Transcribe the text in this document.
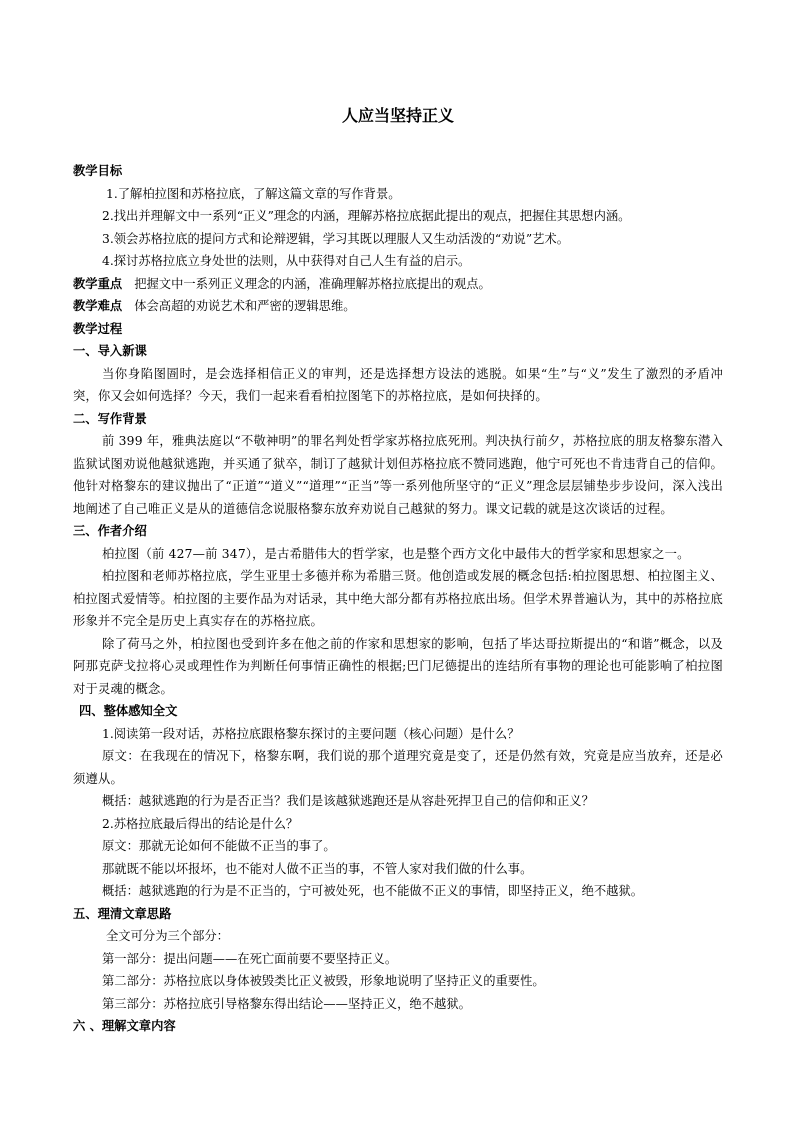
人应当坚持正义
教学目标
1.了解柏拉图和苏格拉底，了解这篇文章的写作背景。
2.找出并理解文中一系列“正义”理念的内涵，理解苏格拉底据此提出的观点，把握住其思想内涵。
3.领会苏格拉底的提问方式和论辩逻辑，学习其既以理服人又生动活泼的“劝说”艺术。
4.探讨苏格拉底立身处世的法则，从中获得对自己人生有益的启示。
教学重点 把握文中一系列正义理念的内涵，准确理解苏格拉底提出的观点。
教学难点 体会高超的劝说艺术和严密的逻辑思维。
教学过程
一、导入新课
当你身陷图圄时，是会选择相信正义的审判，还是选择想方设法的逃脱。如果“生”与“义”发生了激烈的矛盾冲突，你又会如何选择？今天，我们一起来看看柏拉图笔下的苏格拉底，是如何抉择的。
二、写作背景
前 399 年，雅典法庭以“不敬神明”的罪名判处哲学家苏格拉底死刑。判决执行前夕，苏格拉底的朋友格黎东潜入监狱试图劝说他越狱逃跑，并买通了狱卒，制订了越狱计划但苏格拉底不赞同逃跑，他宁可死也不肯违背自己的信仰。他针对格黎东的建议抛出了“正道”“道义”“道理”“正当”等一系列他所坚守的“正义”理念层层铺垫步步设问，深入浅出地阐述了自己唯正义是从的道德信念说服格黎东放弃劝说自己越狱的努力。课文记载的就是这次谈话的过程。
三、作者介绍
柏拉图（前 427—前 347），是古希腊伟大的哲学家，也是整个西方文化中最伟大的哲学家和思想家之一。
柏拉图和老师苏格拉底，学生亚里士多德并称为希腊三贤。他创造或发展的概念包括:柏拉图思想、柏拉图主义、柏拉图式爱情等。柏拉图的主要作品为对话录，其中绝大部分都有苏格拉底出场。但学术界普遍认为，其中的苏格拉底形象并不完全是历史上真实存在的苏格拉底。
除了荷马之外，柏拉图也受到许多在他之前的作家和思想家的影响，包括了毕达哥拉斯提出的“和谐”概念，以及阿那克萨戈拉将心灵或理性作为判断任何事情正确性的根据;巴门尼德提出的连结所有事物的理论也可能影响了柏拉图对于灵魂的概念。
四、整体感知全文
1.阅读第一段对话，苏格拉底跟格黎东探讨的主要问题（核心问题）是什么？
原文：在我现在的情况下，格黎东啊，我们说的那个道理究竟是变了，还是仍然有效，究竟是应当放弃，还是必须遵从。
概括：越狱逃跑的行为是否正当？我们是该越狱逃跑还是从容赴死捍卫自己的信仰和正义？
2.苏格拉底最后得出的结论是什么？
原文：那就无论如何不能做不正当的事了。
那就既不能以坏报坏，也不能对人做不正当的事，不管人家对我们做的什么事。
概括：越狱逃跑的行为是不正当的，宁可被处死，也不能做不正义的事情，即坚持正义，绝不越狱。
五、理清文章思路
全文可分为三个部分：
第一部分：提出问题——在死亡面前要不要坚持正义。
第二部分：苏格拉底以身体被毁类比正义被毁，形象地说明了坚持正义的重要性。
第三部分：苏格拉底引导格黎东得出结论——坚持正义，绝不越狱。
六 、理解文章内容
